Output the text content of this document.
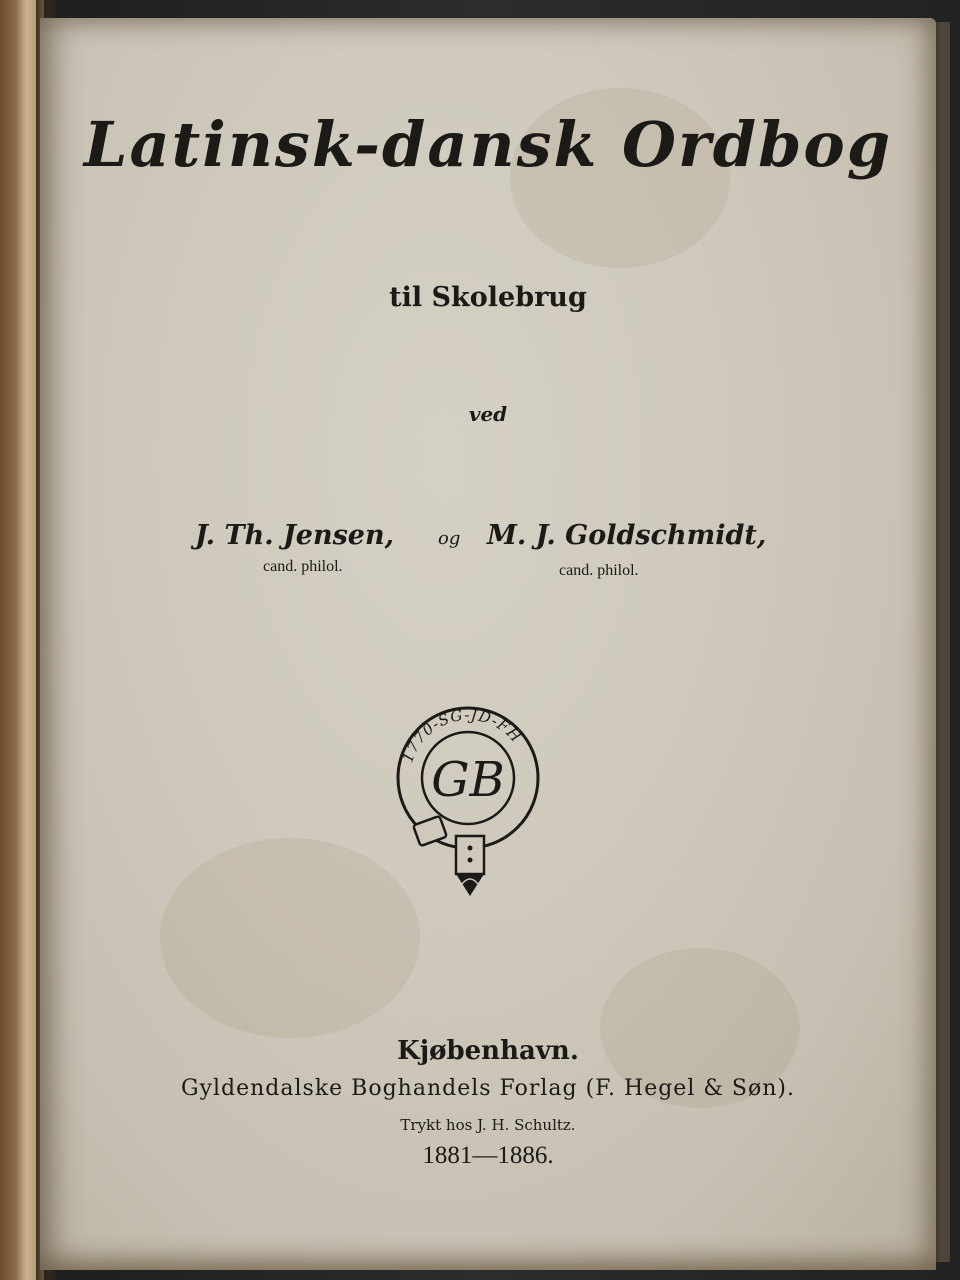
Latinsk-dansk Ordbog
til Skolebrug
ved
J. Th. Jensen, og M. J. Goldschmidt,
cand. philol.	cand. philol.
1770-SG-JD-FH
GB
Kjøbenhavn.
Gyldendalske Boghandels Forlag (F. Hegel & Søn).
Trykt hos J. H. Schultz.
1881—1886.
